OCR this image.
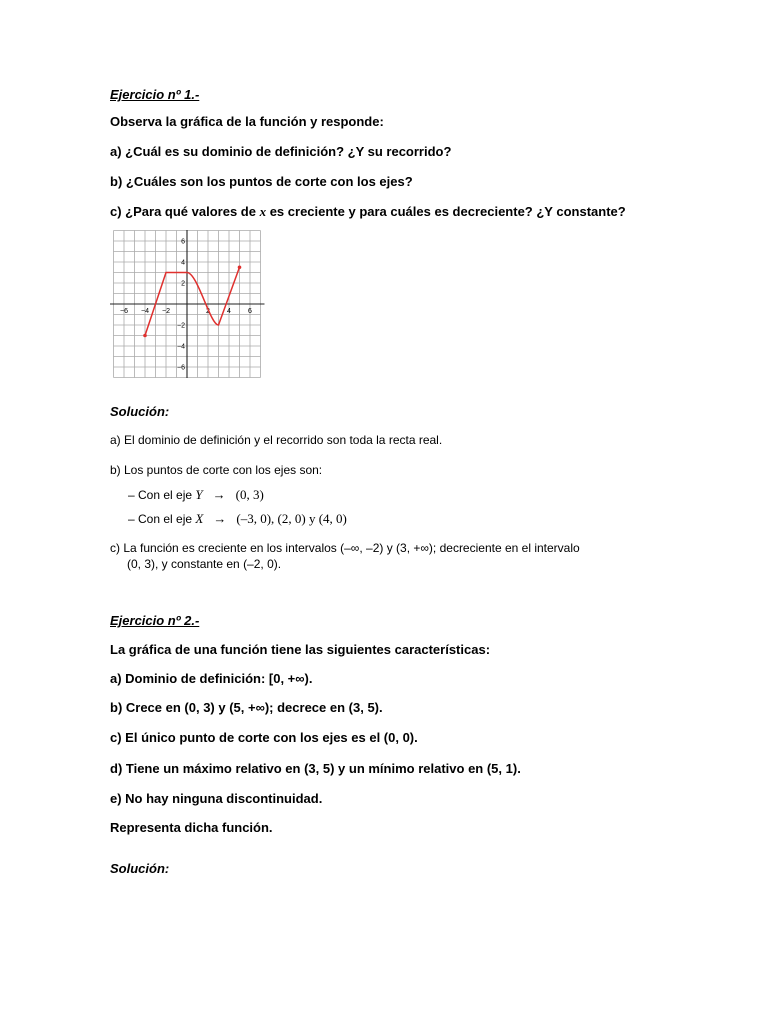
Ejercicio nº 1.-
Observa la gráfica de la función y responde:
a) ¿Cuál es su dominio de definición? ¿Y su recorrido?
b) ¿Cuáles son los puntos de corte con los ejes?
c) ¿Para qué valores de x es creciente y para cuáles es decreciente? ¿Y constante?
−6 −4 −2	2 4 6
6
4
2
−2
−4
−6
Solución:
a) El dominio de definición y el recorrido son toda la recta real.
b) Los puntos de corte con los ejes son:
– Con el eje Y → (0, 3)
– Con el eje X → (–3, 0), (2, 0) y (4, 0)
c) La función es creciente en los intervalos (–∞, –2) y (3, +∞); decreciente en el intervalo
(0, 3), y constante en (–2, 0).
Ejercicio nº 2.-
La gráfica de una función tiene las siguientes características:
a) Dominio de definición: [0, +∞).
b) Crece en (0, 3) y (5, +∞); decrece en (3, 5).
c) El único punto de corte con los ejes es el (0, 0).
d) Tiene un máximo relativo en (3, 5) y un mínimo relativo en (5, 1).
e) No hay ninguna discontinuidad.
Representa dicha función.
Solución:
